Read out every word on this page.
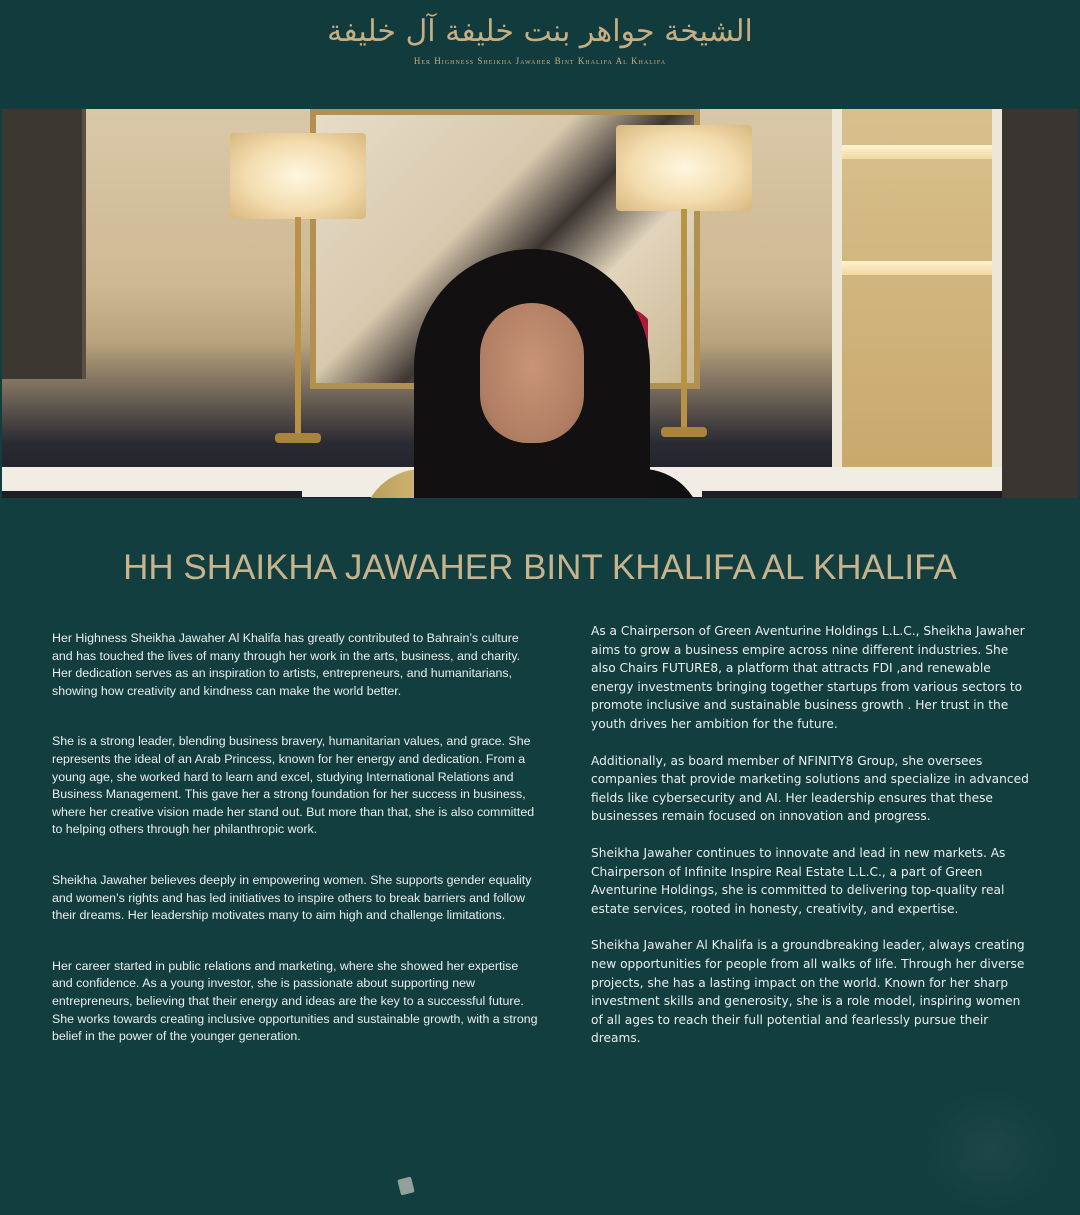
الشيخة جواهر بنت خليفة آل خليفة
Her Highness Sheikha Jawaher Bint Khalifa Al Khalifa
HH SHAIKHA JAWAHER BINT KHALIFA AL KHALIFA

Her Highness Sheikha Jawaher Al Khalifa has greatly contributed to Bahrain’s culture and has touched the lives of many through her work in the arts, business, and charity. Her dedication serves as an inspiration to artists, entrepreneurs, and humanitarians, showing how creativity and kindness can make the world better.

She is a strong leader, blending business bravery, humanitarian values, and grace. She represents the ideal of an Arab Princess, known for her energy and dedication. From a young age, she worked hard to learn and excel, studying International Relations and Business Management. This gave her a strong foundation for her success in business, where her creative vision made her stand out. But more than that, she is also committed to helping others through her philanthropic work.

Sheikha Jawaher believes deeply in empowering women. She supports gender equality and women’s rights and has led initiatives to inspire others to break barriers and follow their dreams. Her leadership motivates many to aim high and challenge limitations.

Her career started in public relations and marketing, where she showed her expertise and confidence. As a young investor, she is passionate about supporting new entrepreneurs, believing that their energy and ideas are the key to a successful future. She works towards creating inclusive opportunities and sustainable growth, with a strong belief in the power of the younger generation.

As a Chairperson of Green Aventurine Holdings L.L.C., Sheikha Jawaher aims to grow a business empire across nine different industries. She also Chairs FUTURE8, a platform that attracts FDI ,and renewable energy investments bringing together startups from various sectors to promote inclusive and sustainable business growth . Her trust in the youth drives her ambition for the future.

Additionally, as board member of NFINITY8 Group, she oversees companies that provide marketing solutions and specialize in advanced fields like cybersecurity and AI. Her leadership ensures that these businesses remain focused on innovation and progress.

Sheikha Jawaher continues to innovate and lead in new markets. As Chairperson of Infinite Inspire Real Estate L.L.C., a part of Green Aventurine Holdings, she is committed to delivering top-quality real estate services, rooted in honesty, creativity, and expertise.

Sheikha Jawaher Al Khalifa is a groundbreaking leader, always creating new opportunities for people from all walks of life. Through her diverse projects, she has a lasting impact on the world. Known for her sharp investment skills and generosity, she is a role model, inspiring women of all ages to reach their full potential and fearlessly pursue their dreams.
